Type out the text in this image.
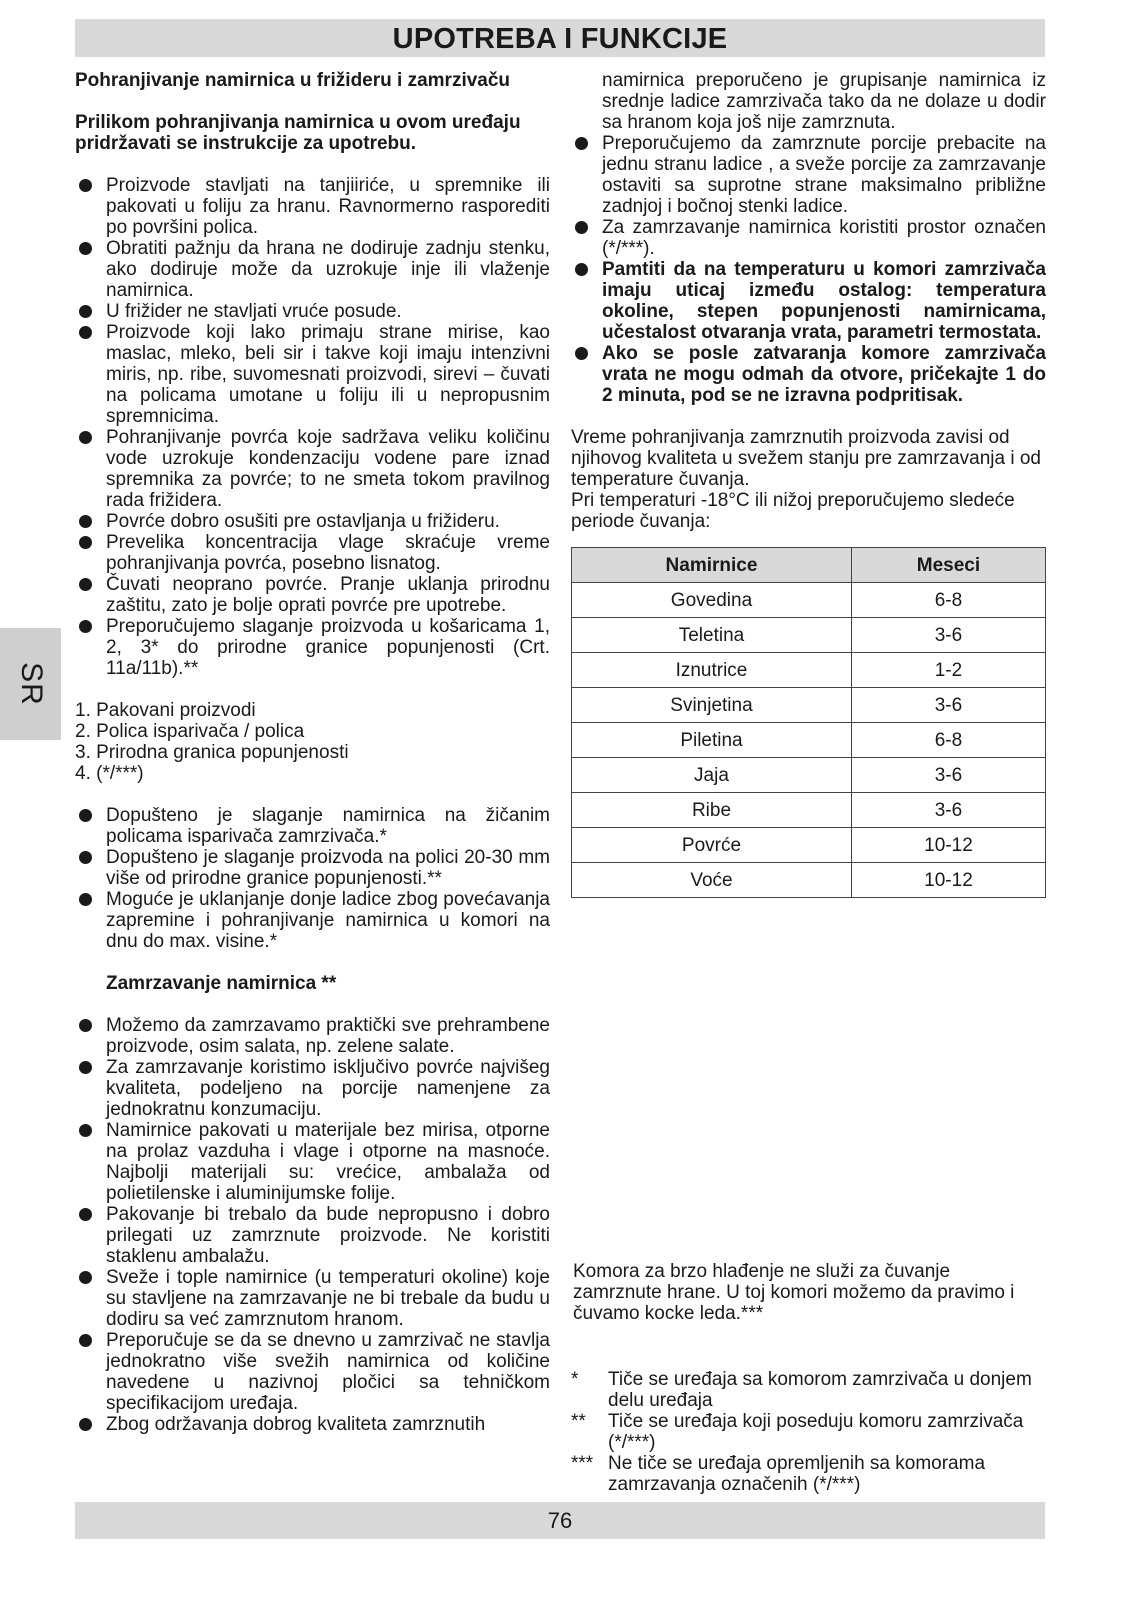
UPOTREBA I FUNKCIJE
SR

Pohranjivanje namirnica u frižideru i zamrzivaču

Prilikom pohranjivanja namirnica u ovom uređaju pridržavati se instrukcije za upotrebu.

Proizvode stavljati na tanjiiriće, u spremnike ili pakovati u foliju za hranu. Ravnormerno rasporediti po površini polica.
Obratiti pažnju da hrana ne dodiruje zadnju stenku, ako dodiruje može da uzrokuje inje ili vlaženje namirnica.
U frižider ne stavljati vruće posude.
Proizvode koji lako primaju strane mirise, kao maslac, mleko, beli sir i takve koji imaju intenzivni miris, np. ribe, suvomesnati proizvodi, sirevi – čuvati na policama umotane u foliju ili u nepropusnim spremnicima.
Pohranjivanje povrća koje sadržava veliku količinu vode uzrokuje kondenzaciju vodene pare iznad spremnika za povrće; to ne smeta tokom pravilnog rada frižidera.
Povrće dobro osušiti pre ostavljanja u frižideru.
Prevelika koncentracija vlage skraćuje vreme pohranjivanja povrća, posebno lisnatog.
Čuvati neoprano povrće. Pranje uklanja prirodnu zaštitu, zato je bolje oprati povrće pre upotrebe.
Preporučujemo slaganje proizvoda u košaricama 1, 2, 3* do prirodne granice popunjenosti (Crt. 11a/11b).**

1. Pakovani proizvodi

2. Polica isparivača / polica

3. Prirodna granica popunjenosti

4. (*/***)

Dopušteno je slaganje namirnica na žičanim policama isparivača zamrzivača.*
Dopušteno je slaganje proizvoda na polici 20-30 mm više od prirodne granice popunjenosti.**
Moguće je uklanjanje donje ladice zbog povećavanja zapremine i pohranjivanje namirnica u komori na dnu do max. visine.*

Zamrzavanje namirnica **

Možemo da zamrzavamo praktički sve prehrambene proizvode, osim salata, np. zelene salate.
Za zamrzavanje koristimo isključivo povrće najvišeg kvaliteta, podeljeno na porcije namenjene za jednokratnu konzumaciju.
Namirnice pakovati u materijale bez mirisa, otporne na prolaz vazduha i vlage i otporne na masnoće. Najbolji materijali su: vrećice, ambalaža od polietilenske i aluminijumske folije.
Pakovanje bi trebalo da bude nepropusno i dobro prilegati uz zamrznute proizvode. Ne koristiti staklenu ambalažu.
Sveže i tople namirnice (u temperaturi okoline) koje su stavljene na zamrzavanje ne bi trebale da budu u dodiru sa već zamrznutom hranom.
Preporučuje se da se dnevno u zamrzivač ne stavlja jednokratno više svežih namirnica od količine navedene u nazivnoj pločici sa tehničkom specifikacijom uređaja.
Zbog održavanja dobrog kvaliteta zamrznutih

namirnica preporučeno je grupisanje namirnica iz srednje ladice zamrzivača tako da ne dolaze u dodir sa hranom koja još nije zamrznuta.

Preporučujemo da zamrznute porcije prebacite na jednu stranu ladice , a sveže porcije za zamrzavanje ostaviti sa suprotne strane maksimalno približne zadnjoj i bočnoj stenki ladice.
Za zamrzavanje namirnica koristiti prostor označen (*/***).
Pamtiti da na temperaturu u komori zamrzivača imaju uticaj između ostalog: temperatura okoline, stepen popunjenosti namirnicama, učestalost otvaranja vrata, parametri termostata.
Ako se posle zatvaranja komore zamrzivača vrata ne mogu odmah da otvore, pričekajte 1 do 2 minuta, pod se ne izravna podpritisak.

Vreme pohranjivanja zamrznutih proizvoda zavisi od njihovog kvaliteta u svežem stanju pre zamrzavanja i od temperature čuvanja.

Pri temperaturi -18°C ili nižoj preporučujemo sledeće periode čuvanja:

Namirnice	Meseci
Govedina	6-8
Teletina	3-6
Iznutrice	1-2
Svinjetina	3-6
Piletina	6-8
Jaja	3-6
Ribe	3-6
Povrće	10-12
Voće	10-12

Komora za brzo hlađenje ne služi za čuvanje zamrznute hrane. U toj komori možemo da pravimo i čuvamo kocke leda.***

*	Tiče se uređaja sa komorom zamrzivača u donjem delu uređaja
**	Tiče se uređaja koji poseduju komoru zamrzivača (*/***)
*** Ne tiče se uređaja opremljenih sa komorama zamrzavanja označenih (*/***)
76
